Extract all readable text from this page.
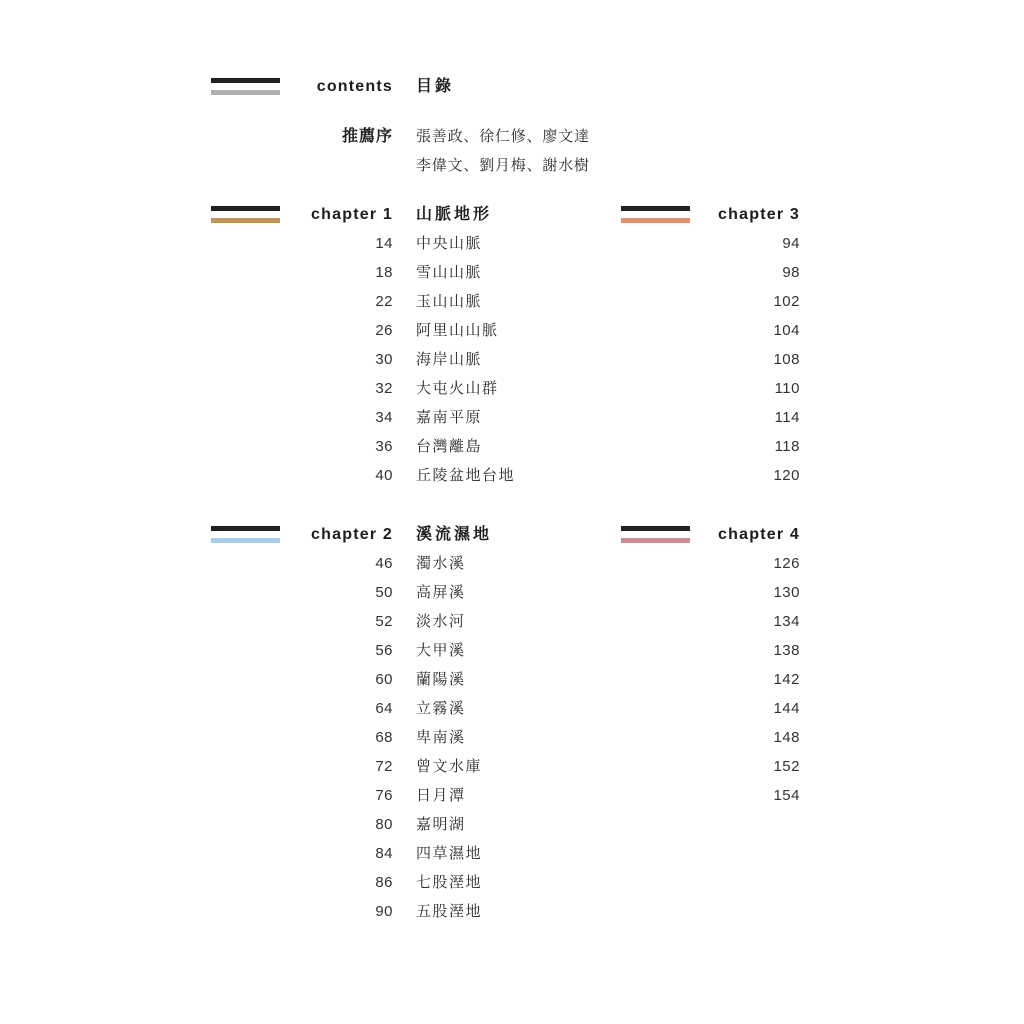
contents 目錄
推薦序 張善政、徐仁修、廖文達
李偉文、劉月梅、謝水樹
chapter 1 山脈地形
14 中央山脈
18 雪山山脈
22 玉山山脈
26 阿里山山脈
30 海岸山脈
32 大屯火山群
34 嘉南平原
36 台灣離島
40 丘陵盆地台地
chapter 3
94
98
102
104
108
110
114
118
120
chapter 2 溪流濕地
46 濁水溪
50 高屏溪
52 淡水河
56 大甲溪
60 蘭陽溪
64 立霧溪
68 卑南溪
72 曾文水庫
76 日月潭
80 嘉明湖
84 四草濕地
86 七股溼地
90 五股溼地
chapter 4
126
130
134
138
142
144
148
152
154
